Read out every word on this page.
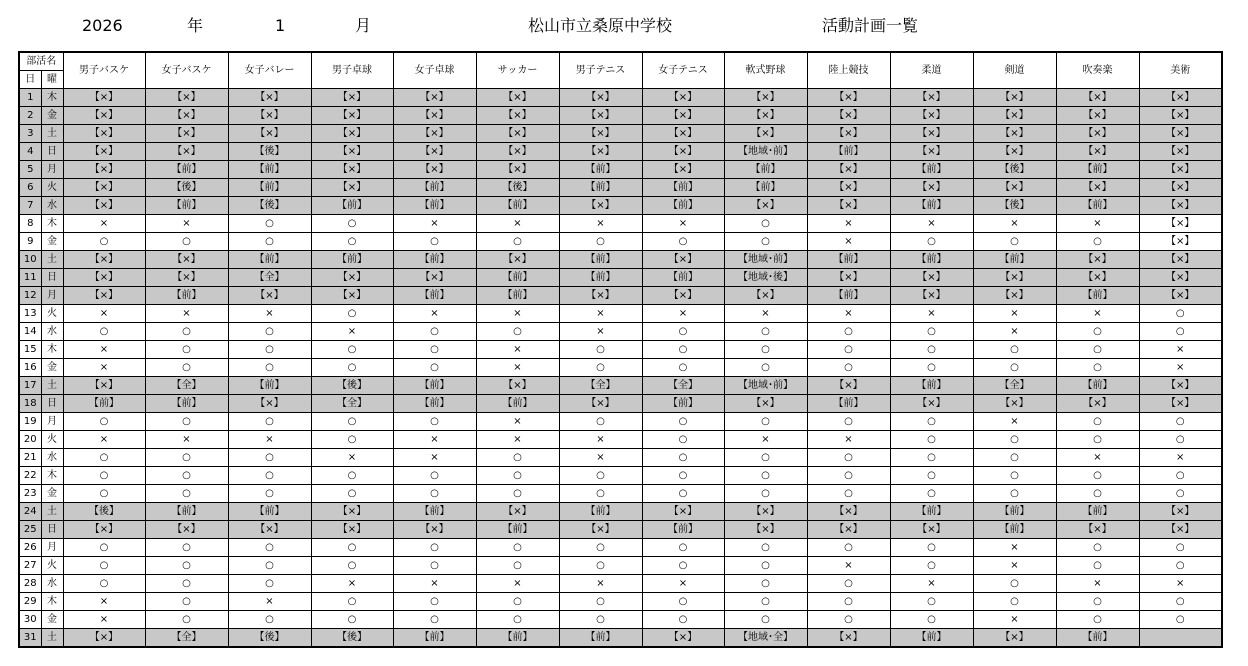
2026	年	1	月	松山市立桑原中学校	活動計画一覧
部活名		男子バスケ	女子バスケ	女子バレー	男子卓球	女子卓球	サッカー	男子テニス	女子テニス	軟式野球	陸上競技	柔道	剣道	吹奏楽	美術
日	曜														
1	木	【×】	【×】	【×】	【×】	【×】	【×】	【×】	【×】	【×】	【×】	【×】	【×】	【×】	【×】
2	金	【×】	【×】	【×】	【×】	【×】	【×】	【×】	【×】	【×】	【×】	【×】	【×】	【×】	【×】
3	土	【×】	【×】	【×】	【×】	【×】	【×】	【×】	【×】	【×】	【×】	【×】	【×】	【×】	【×】
4	日	【×】	【×】	【後】	【×】	【×】	【×】	【×】	【×】	【地域･前】	【前】	【×】	【×】	【×】	【×】
5	月	【×】	【前】	【前】	【×】	【×】	【×】	【前】	【×】	【前】	【×】	【前】	【後】	【前】	【×】
6	火	【×】	【後】	【前】	【×】	【前】	【後】	【前】	【前】	【前】	【×】	【×】	【×】	【×】	【×】
7	水	【×】	【前】	【後】	【前】	【前】	【前】	【×】	【前】	【×】	【×】	【前】	【後】	【前】	【×】
8	木	×	×	○	○	×	×	×	×	○	×	×	×	×	【×】
9	金	○	○	○	○	○	○	○	○	○	×	○	○	○	【×】
10	土	【×】	【×】	【前】	【前】	【前】	【×】	【前】	【×】	【地域･前】	【前】	【前】	【前】	【×】	【×】
11	日	【×】	【×】	【全】	【×】	【×】	【前】	【前】	【前】	【地域･後】	【×】	【×】	【×】	【×】	【×】
12	月	【×】	【前】	【×】	【×】	【前】	【前】	【×】	【×】	【×】	【前】	【×】	【×】	【前】	【×】
13	火	×	×	×	○	×	×	×	×	×	×	×	×	×	○
14	水	○	○	○	×	○	○	×	○	○	○	○	×	○	○
15	木	×	○	○	○	○	×	○	○	○	○	○	○	○	×
16	金	×	○	○	○	○	×	○	○	○	○	○	○	○	×
17	土	【×】	【全】	【前】	【後】	【前】	【×】	【全】	【全】	【地域･前】	【×】	【前】	【全】	【前】	【×】
18	日	【前】	【前】	【×】	【全】	【前】	【前】	【×】	【前】	【×】	【前】	【×】	【×】	【×】	【×】
19	月	○	○	○	○	○	×	○	○	○	○	○	×	○	○
20	火	×	×	×	○	×	×	×	○	×	×	○	○	○	○
21	水	○	○	○	×	×	○	×	○	○	○	○	○	×	×
22	木	○	○	○	○	○	○	○	○	○	○	○	○	○	○
23	金	○	○	○	○	○	○	○	○	○	○	○	○	○	○
24	土	【後】	【前】	【前】	【×】	【前】	【×】	【前】	【×】	【×】	【×】	【前】	【前】	【前】	【×】
25	日	【×】	【×】	【×】	【×】	【×】	【前】	【×】	【前】	【×】	【×】	【×】	【前】	【×】	【×】
26	月	○	○	○	○	○	○	○	○	○	○	○	×	○	○
27	火	○	○	○	○	○	○	○	○	○	×	○	×	○	○
28	水	○	○	○	×	×	×	×	×	○	○	×	○	×	×
29	木	×	○	×	○	○	○	○	○	○	○	○	○	○	○
30	金	×	○	○	○	○	○	○	○	○	○	○	×	○	○
31	土	【×】	【全】	【後】	【後】	【前】	【前】	【前】	【×】	【地域･全】	【×】	【前】	【×】	【前】	
